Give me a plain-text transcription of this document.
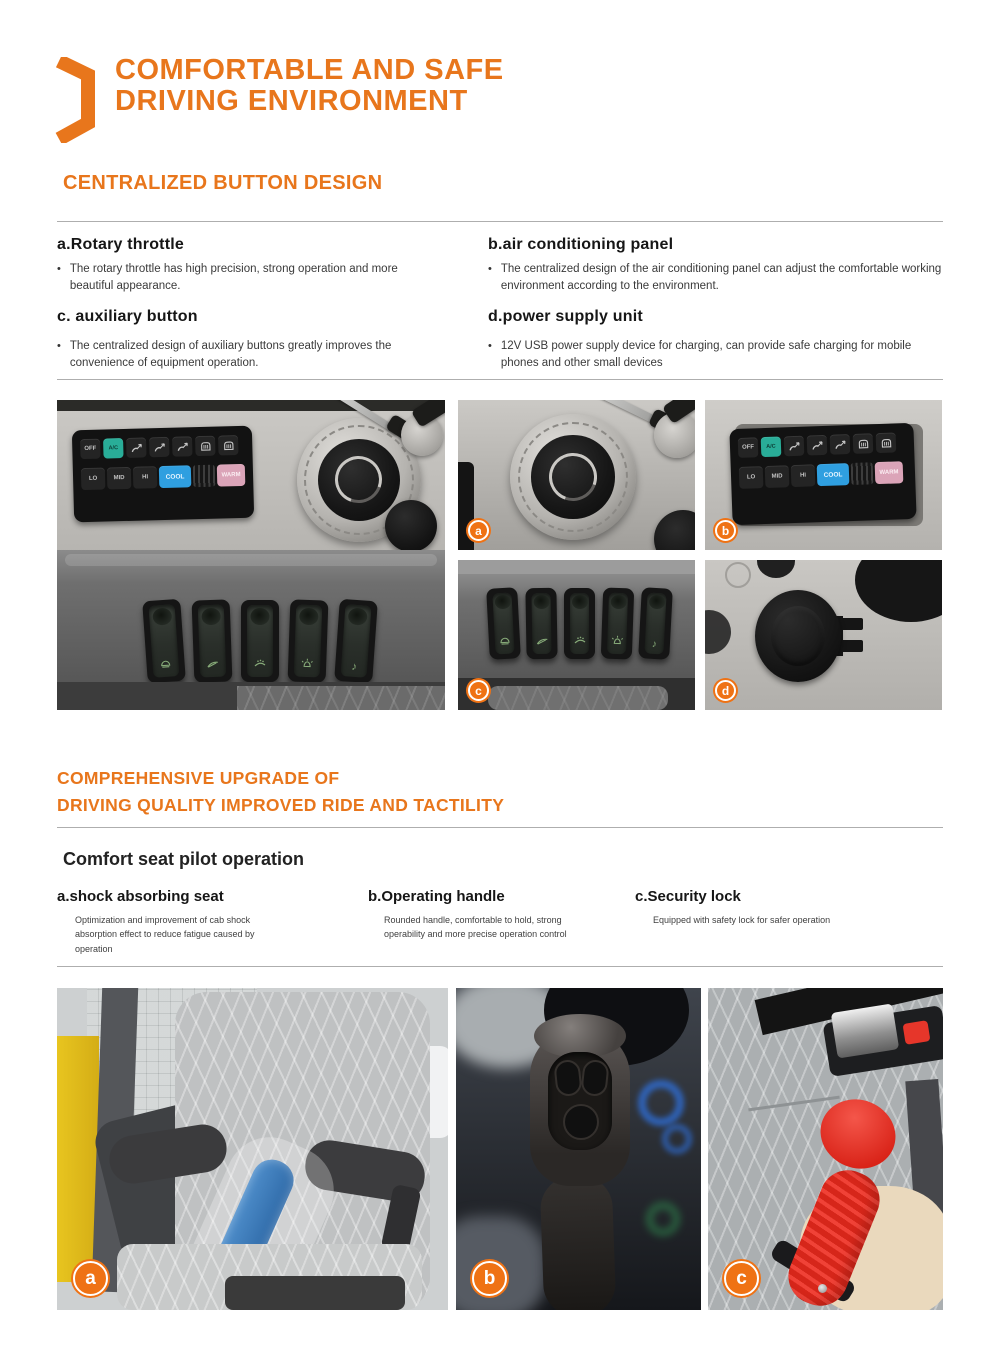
COMFORTABLE AND SAFE
DRIVING ENVIRONMENT
CENTRALIZED BUTTON DESIGN
a.Rotary throttle
•
The rotary throttle has high precision, strong operation and more beautiful appearance.
b.air conditioning panel
•
The centralized design of the air conditioning panel can adjust the comfortable working environment according to the environment.
c. auxiliary button
•
The centralized design of auxiliary buttons greatly improves the convenience of equipment operation.
d.power supply unit
•
12V USB power supply device for charging, can provide safe charging for mobile phones and other small devices
OFF	A/C
LO	MID	HI	COOL	WARM
♪
a
OFF	A/C
LO	MID	HI	COOL	WARM
b
♪
c	d
COMPREHENSIVE UPGRADE OF
DRIVING QUALITY IMPROVED RIDE AND TACTILITY
Comfort seat pilot operation
a.shock absorbing seat
Optimization and improvement of cab shock absorption effect to reduce fatigue caused by operation
b.Operating handle
Rounded handle, comfortable to hold, strong operability and more precise operation control
c.Security lock
Equipped with safety lock for safer operation
a	b	c
